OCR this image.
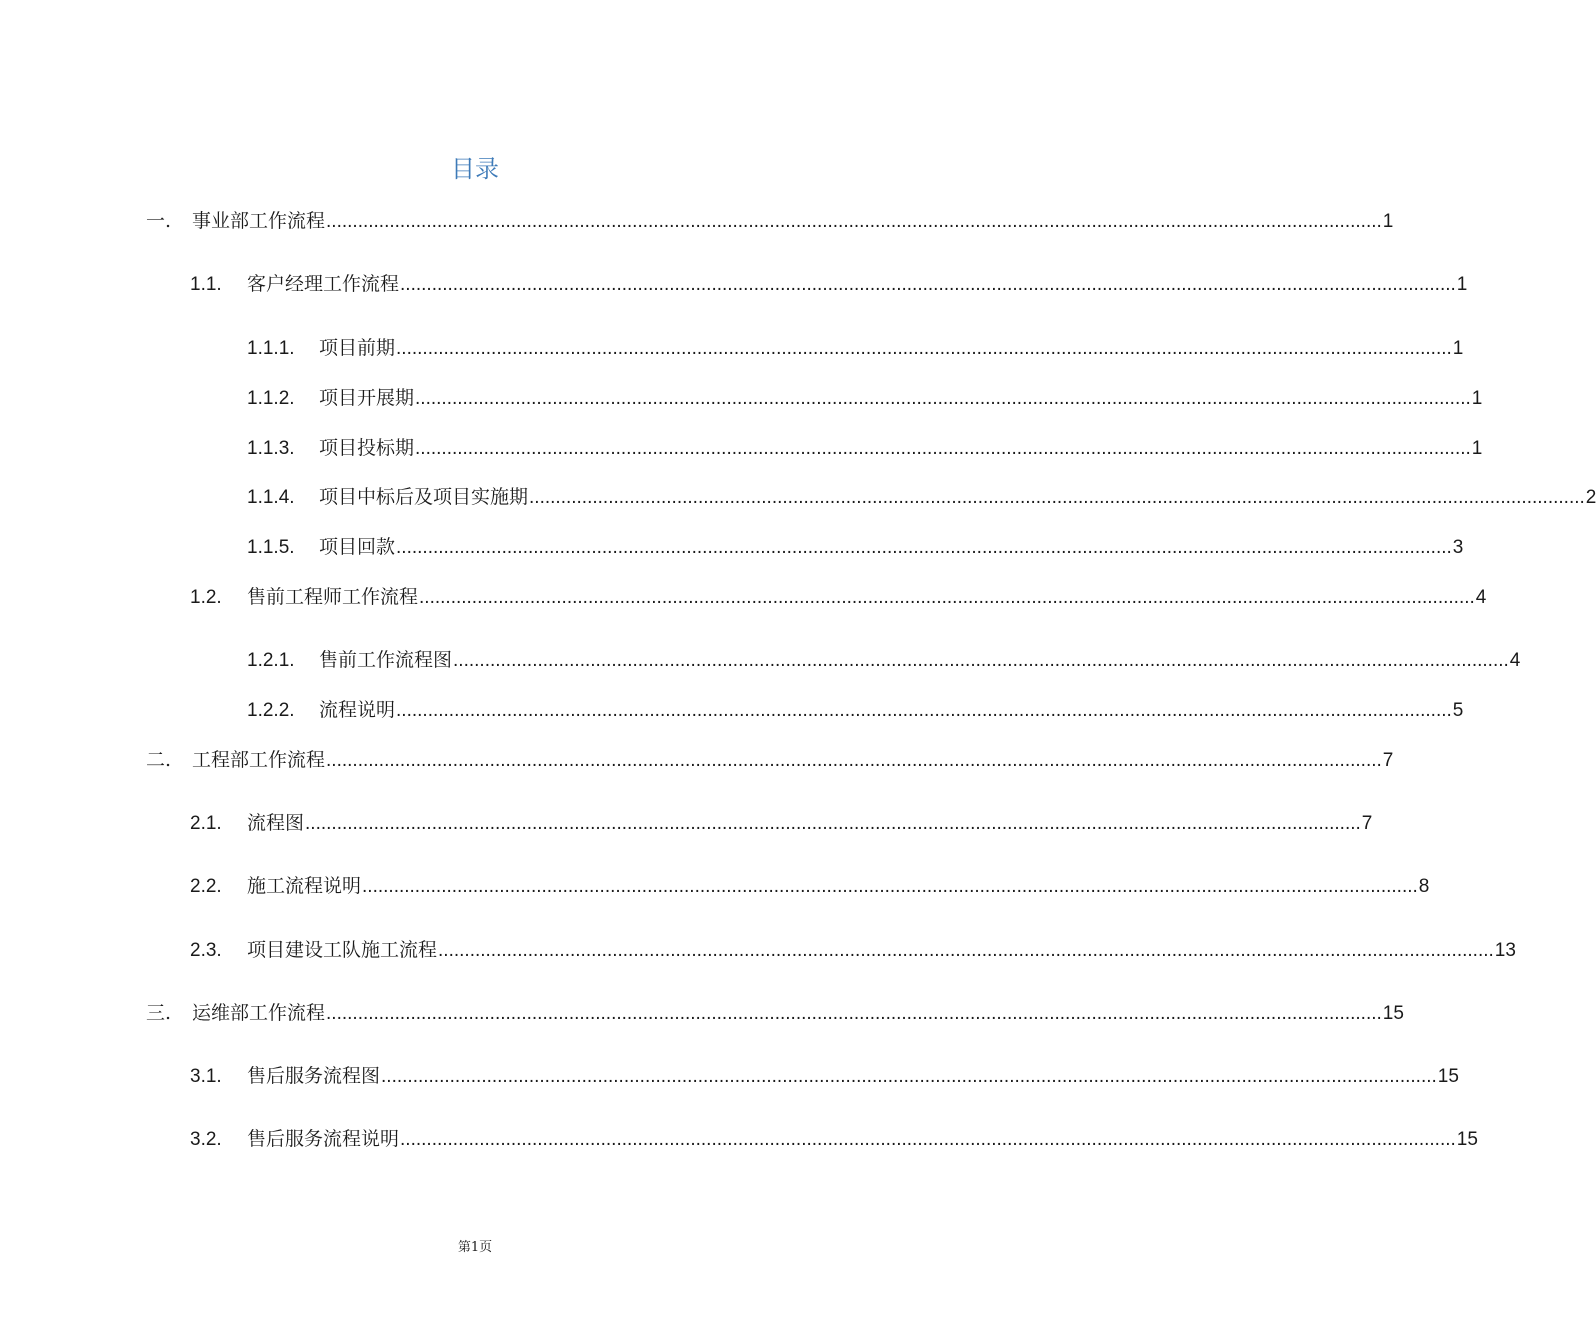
目录
一.	事业部工作流程 ........................................................................................................................................................................................................ 1
1.1.	客户经理工作流程 ........................................................................................................................................................................................................ 1
1.1.1.	项目前期 ........................................................................................................................................................................................................ 1
1.1.2.	项目开展期 ........................................................................................................................................................................................................ 1
1.1.3.	项目投标期 ........................................................................................................................................................................................................ 1
1.1.4.	项目中标后及项目实施期 ........................................................................................................................................................................................................ 2
1.1.5.	项目回款 ........................................................................................................................................................................................................ 3
1.2.	售前工程师工作流程 ........................................................................................................................................................................................................ 4
1.2.1.	售前工作流程图 ........................................................................................................................................................................................................ 4
1.2.2.	流程说明 ........................................................................................................................................................................................................ 5
二.	工程部工作流程 ........................................................................................................................................................................................................ 7
2.1.	流程图 ........................................................................................................................................................................................................ 7
2.2.	施工流程说明 ........................................................................................................................................................................................................ 8
2.3.	项目建设工队施工流程 ........................................................................................................................................................................................................ 13
三.	运维部工作流程 ........................................................................................................................................................................................................ 15
3.1.	售后服务流程图 ........................................................................................................................................................................................................ 15
3.2.	售后服务流程说明 ........................................................................................................................................................................................................ 15
第1页
